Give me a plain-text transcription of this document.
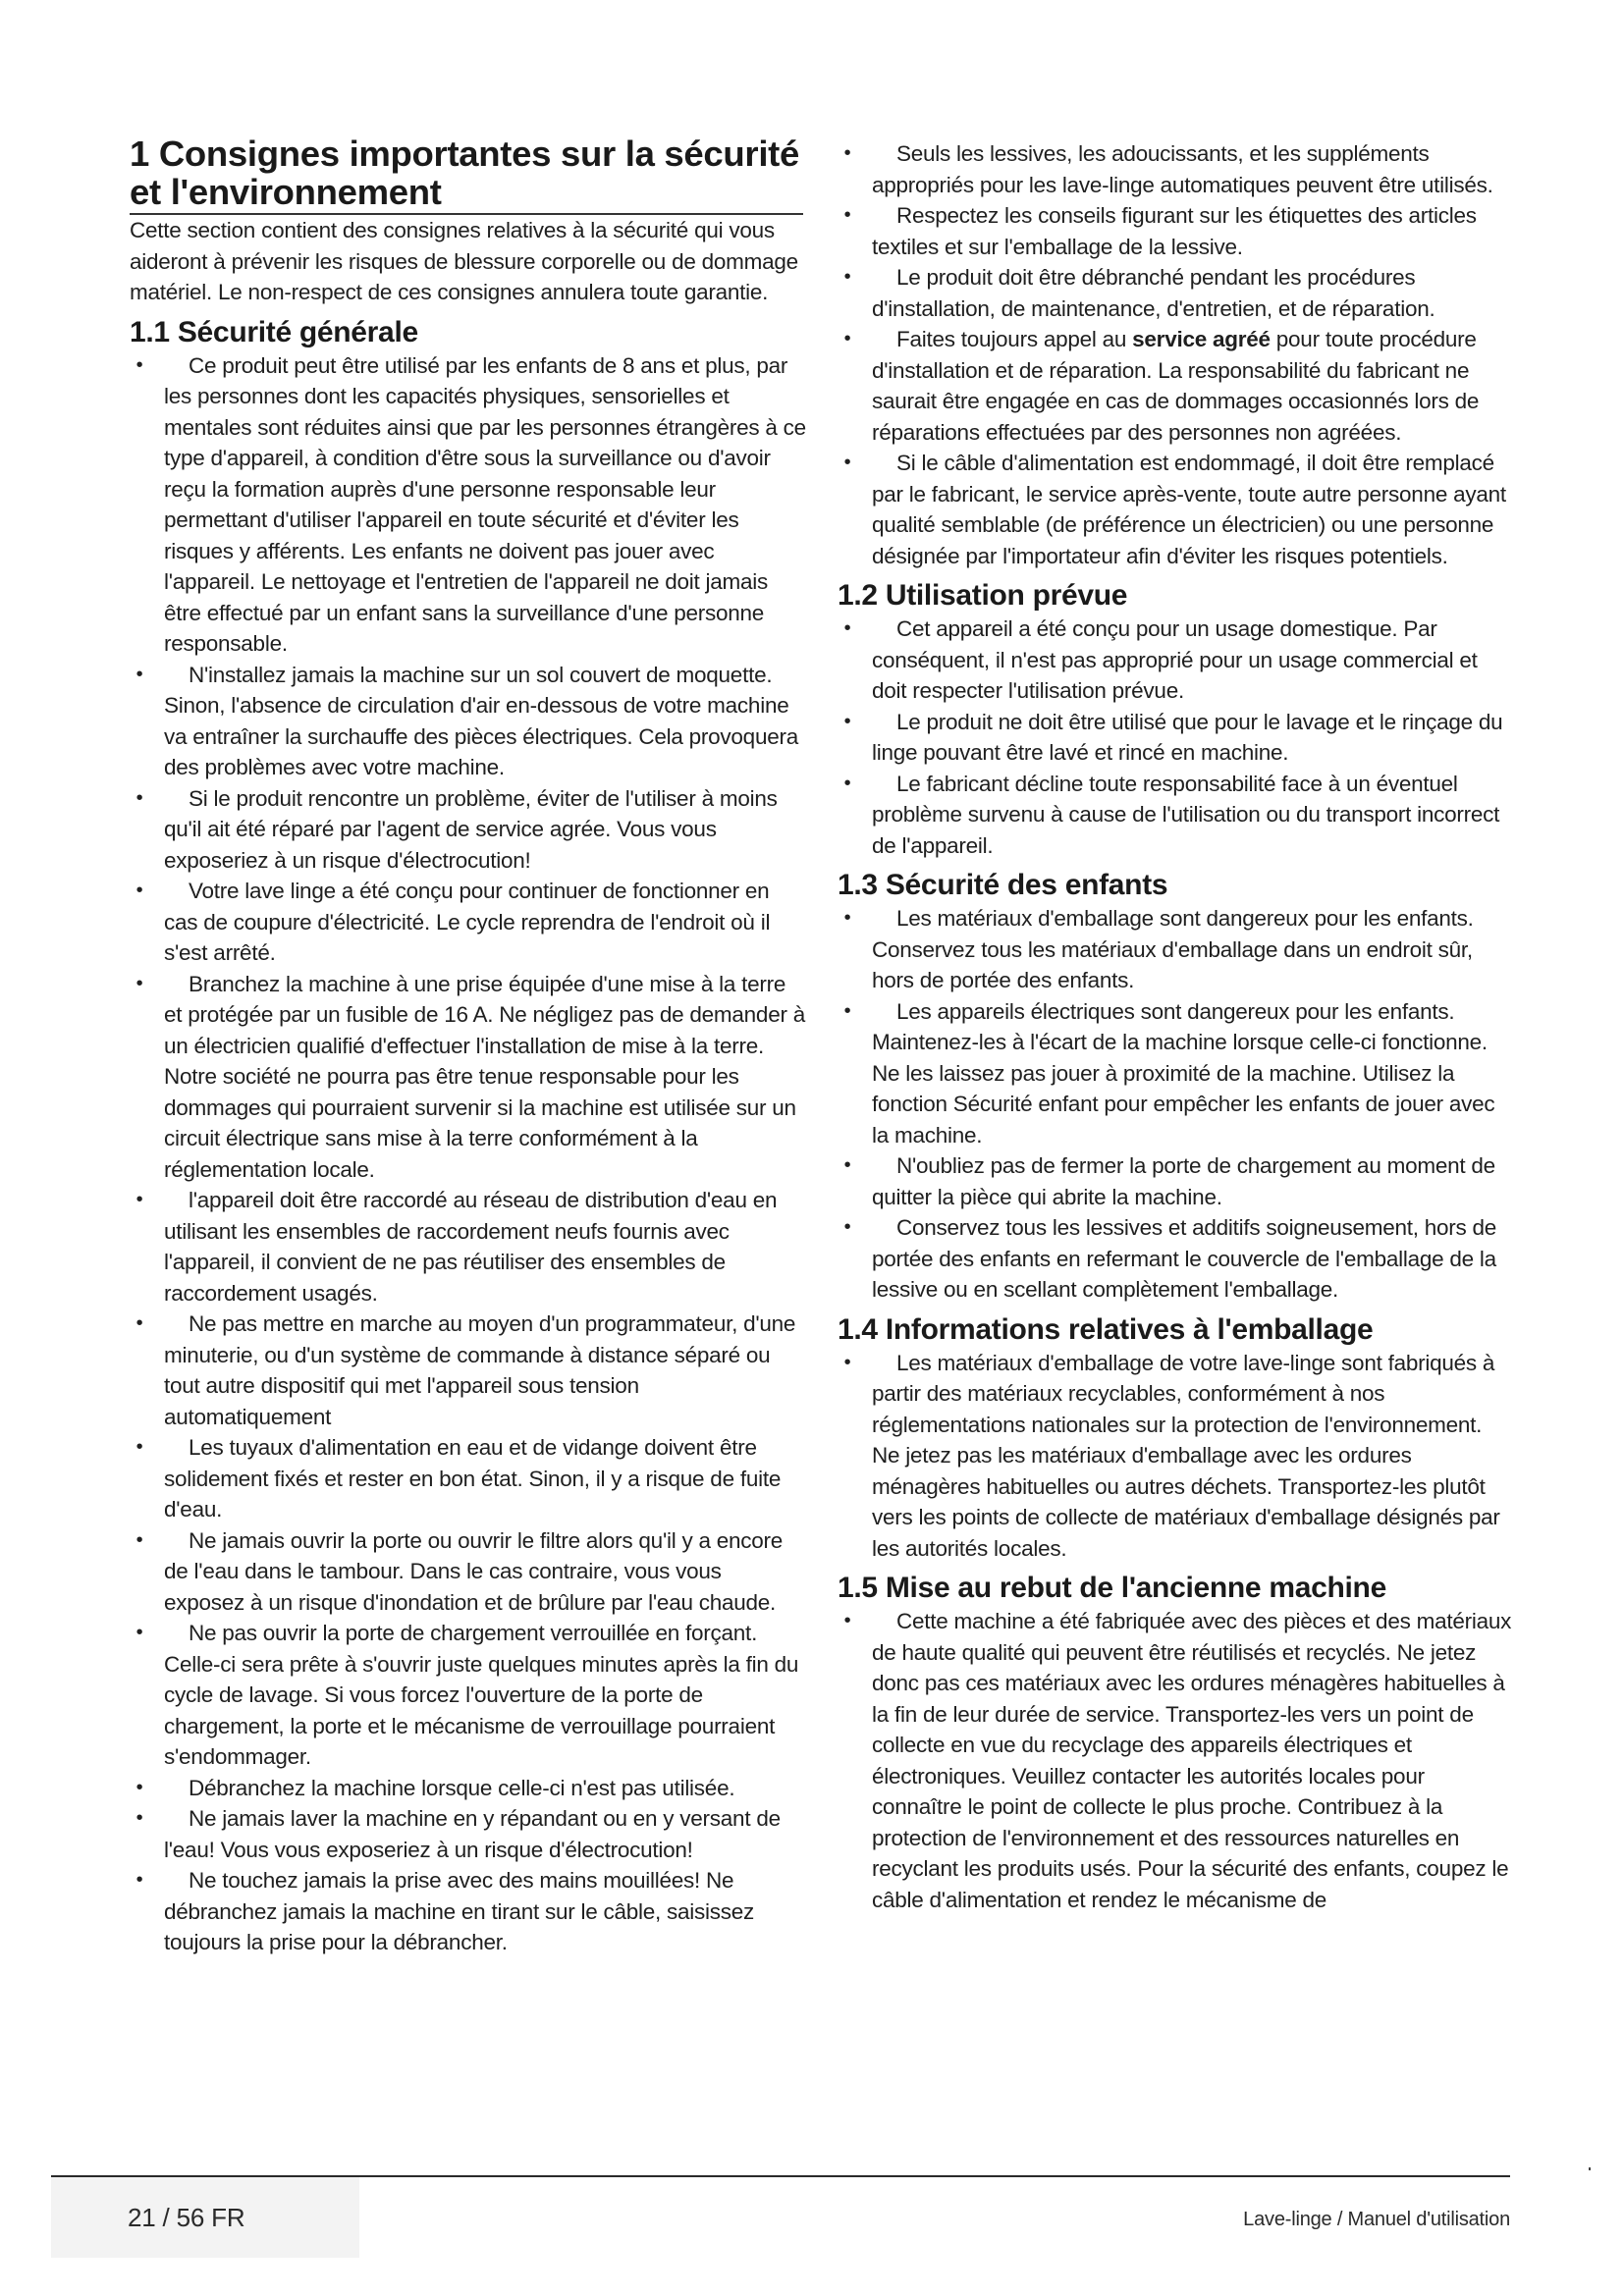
1 Consignes importantes sur la sécurité
et l'environnement

Cette section contient des consignes relatives à la sécurité qui vous aideront à prévenir les risques de blessure corporelle ou de dommage matériel. Le non-respect de ces consignes annulera toute garantie.

1.1 Sécurité générale
• Ce produit peut être utilisé par les enfants de 8 ans et plus, par les personnes dont les capacités physiques, sensorielles et mentales sont réduites ainsi que par les personnes étrangères à ce type d'appareil, à condition d'être sous la surveillance ou d'avoir reçu la formation auprès d'une personne responsable leur permettant d'utiliser l'appareil en toute sécurité et d'éviter les risques y afférents. Les enfants ne doivent pas jouer avec l'appareil. Le nettoyage et l'entretien de l'appareil ne doit jamais être effectué par un enfant sans la surveillance d'une personne responsable.
• N'installez jamais la machine sur un sol couvert de moquette. Sinon, l'absence de circulation d'air en-dessous de votre machine va entraîner la surchauffe des pièces électriques. Cela provoquera des problèmes avec votre machine.
• Si le produit rencontre un problème, éviter de l'utiliser à moins qu'il ait été réparé par l'agent de service agrée. Vous vous exposeriez à un risque d'électrocution!
• Votre lave linge a été conçu pour continuer de fonctionner en cas de coupure d'électricité. Le cycle reprendra de l'endroit où il s'est arrêté.
• Branchez la machine à une prise équipée d'une mise à la terre et protégée par un fusible de 16 A. Ne négligez pas de demander à un électricien qualifié d'effectuer l'installation de mise à la terre. Notre société ne pourra pas être tenue responsable pour les dommages qui pourraient survenir si la machine est utilisée sur un circuit électrique sans mise à la terre conformément à la réglementation locale.
• l'appareil doit être raccordé au réseau de distribution d'eau en utilisant les ensembles de raccordement neufs fournis avec l'appareil, il convient de ne pas réutiliser des ensembles de raccordement usagés.
• Ne pas mettre en marche au moyen d'un programmateur, d'une minuterie, ou d'un système de commande à distance séparé ou tout autre dispositif qui met l'appareil sous tension automatiquement
• Les tuyaux d'alimentation en eau et de vidange doivent être solidement fixés et rester en bon état. Sinon, il y a risque de fuite d'eau.
• Ne jamais ouvrir la porte ou ouvrir le filtre alors qu'il y a encore de l'eau dans le tambour. Dans le cas contraire, vous vous exposez à un risque d'inondation et de brûlure par l'eau chaude.
• Ne pas ouvrir la porte de chargement verrouillée en forçant. Celle-ci sera prête à s'ouvrir juste quelques minutes après la fin du cycle de lavage. Si vous forcez l'ouverture de la porte de chargement, la porte et le mécanisme de verrouillage pourraient s'endommager.
• Débranchez la machine lorsque celle-ci n'est pas utilisée.
• Ne jamais laver la machine en y répandant ou en y versant de l'eau! Vous vous exposeriez à un risque d'électrocution!
• Ne touchez jamais la prise avec des mains mouillées! Ne débranchez jamais la machine en tirant sur le câble, saisissez toujours la prise pour la débrancher.
• Seuls les lessives, les adoucissants, et les suppléments appropriés pour les lave-linge automatiques peuvent être utilisés.
• Respectez les conseils figurant sur les étiquettes des articles textiles et sur l'emballage de la lessive.
• Le produit doit être débranché pendant les procédures d'installation, de maintenance, d'entretien, et de réparation.
• Faites toujours appel au service agréé pour toute procédure d'installation et de réparation. La responsabilité du fabricant ne saurait être engagée en cas de dommages occasionnés lors de réparations effectuées par des personnes non agréées.
• Si le câble d'alimentation est endommagé, il doit être remplacé par le fabricant, le service après-vente, toute autre personne ayant qualité semblable (de préférence un électricien) ou une personne désignée par l'importateur afin d'éviter les risques potentiels.
1.2 Utilisation prévue
• Cet appareil a été conçu pour un usage domestique. Par conséquent, il n'est pas approprié pour un usage commercial et doit respecter l'utilisation prévue.
• Le produit ne doit être utilisé que pour le lavage et le rinçage du linge pouvant être lavé et rincé en machine.
• Le fabricant décline toute responsabilité face à un éventuel problème survenu à cause de l'utilisation ou du transport incorrect de l'appareil.
1.3 Sécurité des enfants
• Les matériaux d'emballage sont dangereux pour les enfants. Conservez tous les matériaux d'emballage dans un endroit sûr, hors de portée des enfants.
• Les appareils électriques sont dangereux pour les enfants. Maintenez-les à l'écart de la machine lorsque celle-ci fonctionne. Ne les laissez pas jouer à proximité de la machine. Utilisez la fonction Sécurité enfant pour empêcher les enfants de jouer avec la machine.
• N'oubliez pas de fermer la porte de chargement au moment de quitter la pièce qui abrite la machine.
• Conservez tous les lessives et additifs soigneusement, hors de portée des enfants en refermant le couvercle de l'emballage de la lessive ou en scellant complètement l'emballage.
1.4 Informations relatives à l'emballage
• Les matériaux d'emballage de votre lave-linge sont fabriqués à partir des matériaux recyclables, conformément à nos réglementations nationales sur la protection de l'environnement. Ne jetez pas les matériaux d'emballage avec les ordures ménagères habituelles ou autres déchets. Transportez-les plutôt vers les points de collecte de matériaux d'emballage désignés par les autorités locales.
1.5 Mise au rebut de l'ancienne machine
• Cette machine a été fabriquée avec des pièces et des matériaux de haute qualité qui peuvent être réutilisés et recyclés. Ne jetez donc pas ces matériaux avec les ordures ménagères habituelles à la fin de leur durée de service. Transportez-les vers un point de collecte en vue du recyclage des appareils électriques et électroniques. Veuillez contacter les autorités locales pour connaître le point de collecte le plus proche. Contribuez à la protection de l'environnement et des ressources naturelles en recyclant les produits usés. Pour la sécurité des enfants, coupez le câble d'alimentation et rendez le mécanisme de
21 / 56 FR	Lave-linge / Manuel d'utilisation
